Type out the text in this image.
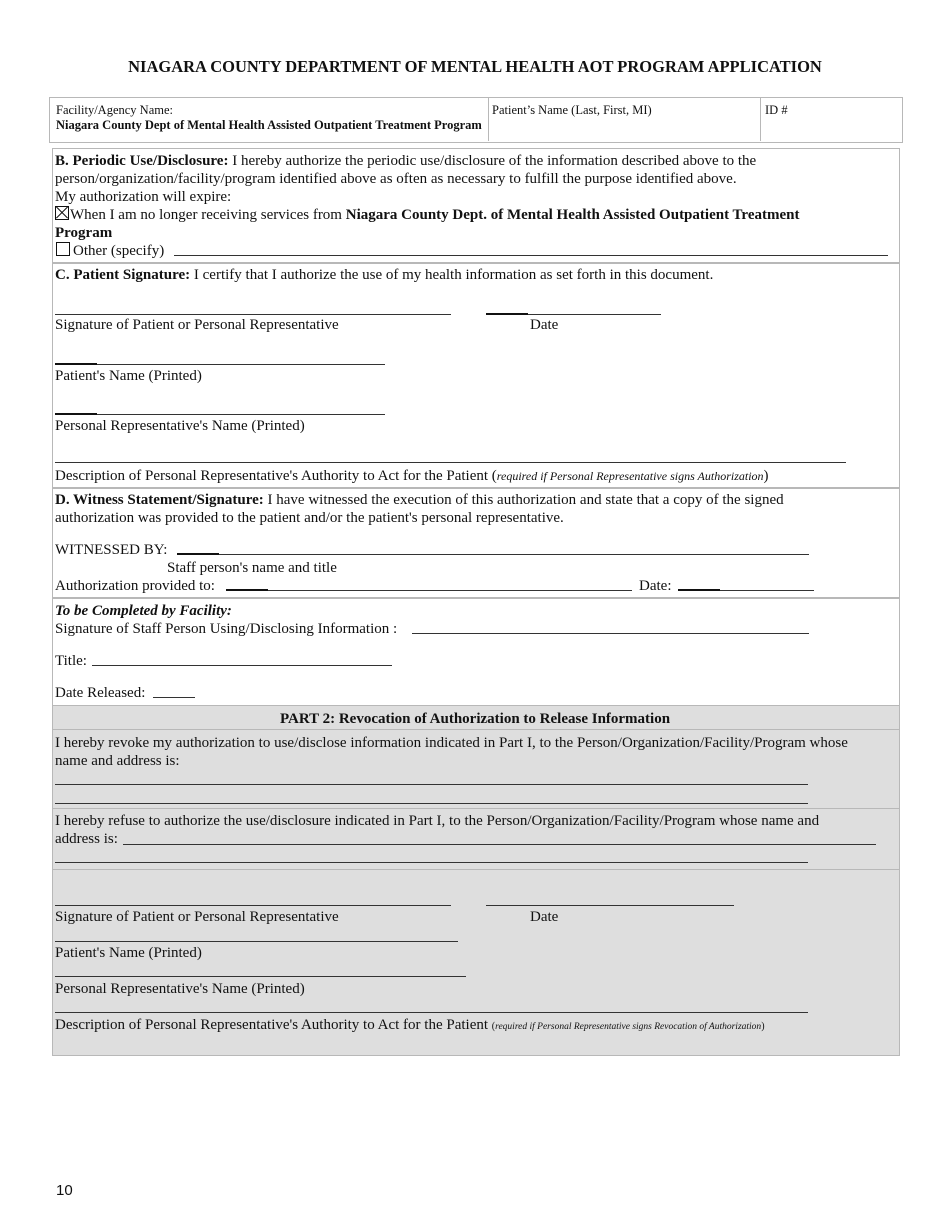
NIAGARA COUNTY DEPARTMENT OF MENTAL HEALTH AOT PROGRAM APPLICATION
Facility/Agency Name:
Niagara County Dept of Mental Health Assisted Outpatient Treatment Program
Patient’s Name (Last, First, MI)	ID #
B. Periodic Use/Disclosure: I hereby authorize the periodic use/disclosure of the information described above to the
person/organization/facility/program identified above as often as necessary to fulfill the purpose identified above.
My authorization will expire:
When I am no longer receiving services from Niagara County Dept. of Mental Health Assisted Outpatient Treatment
Program
Other (specify)
C. Patient Signature: I certify that I authorize the use of my health information as set forth in this document.
Signature of Patient or Personal Representative	Date
Patient's Name (Printed)
Personal Representative's Name (Printed)
Description of Personal Representative's Authority to Act for the Patient (required if Personal Representative signs Authorization)
D. Witness Statement/Signature: I have witnessed the execution of this authorization and state that a copy of the signed
authorization was provided to the patient and/or the patient's personal representative.
WITNESSED BY:
Staff person's name and title
Authorization provided to:	Date:
To be Completed by Facility:
Signature of Staff Person Using/Disclosing Information :
Title:
Date Released:
PART 2: Revocation of Authorization to Release Information
I hereby revoke my authorization to use/disclose information indicated in Part I, to the Person/Organization/Facility/Program whose
name and address is:
I hereby refuse to authorize the use/disclosure indicated in Part I, to the Person/Organization/Facility/Program whose name and
address is:
Signature of Patient or Personal Representative	Date
Patient's Name (Printed)
Personal Representative's Name (Printed)
Description of Personal Representative's Authority to Act for the Patient (required if Personal Representative signs Revocation of Authorization)
10
